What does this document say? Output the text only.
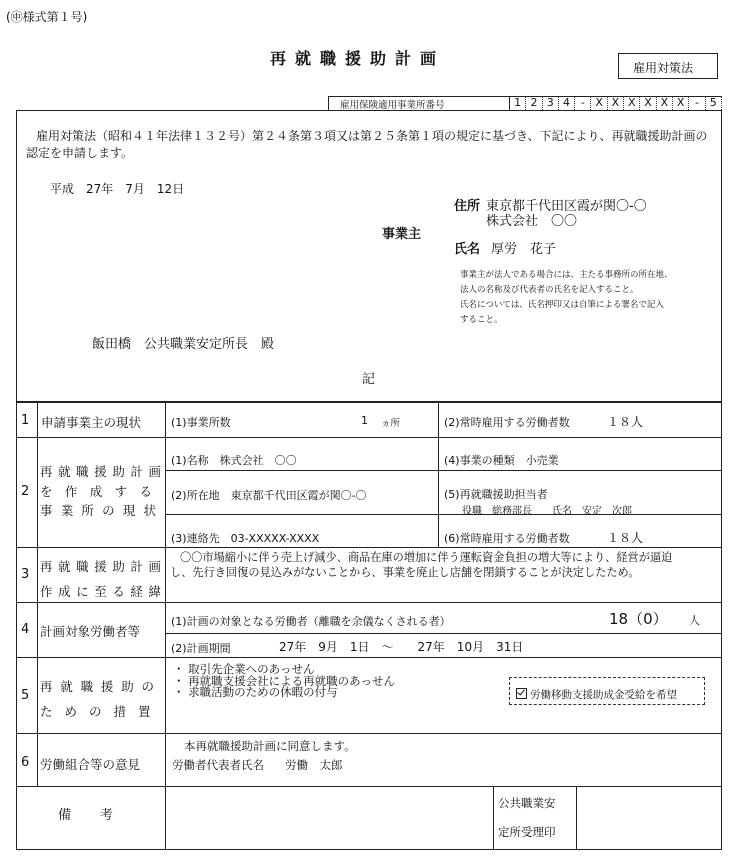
(㊥様式第１号)
再就職援助計画	雇用対策法
雇用保険適用事業所番号	1 2 3 4 - X X X X X X - 5
雇用対策法（昭和４１年法律１３２号）第２４条第３項又は第２５条第１項の規定に基づき、下記により、再就職援助計画の認定を申請します。
平成　27年　7月　12日
事業主
住所 東京都千代田区霞が関〇-〇
株式会社　〇〇
氏名 厚労　花子
事業主が法人である場合には、主たる事務所の所在地、
法人の名称及び代表者の氏名を記入すること。
氏名については、氏名押印又は自筆による署名で記入
すること。
飯田橋　公共職業安定所長　殿
記
1 申請事業主の現状	(1)事業所数	1 ヵ所	(2)常時雇用する労働者数	１８人
2
再就職援助計画
を作成する
事業所の現状
(1)名称　株式会社　〇〇	(4)事業の種類　小売業
(2)所在地　東京都千代田区霞が関〇-〇	(5)再就職援助担当者
役職　総務部長　　氏名　安定　次郎
(3)連絡先　03-XXXXX-XXXX	(6)常時雇用する労働者数	１８人
3
再就職援助計画
作成に至る経緯
〇〇市場縮小に伴う売上げ減少、商品在庫の増加に伴う運転資金負担の増大等により、経営が逼迫
し、先行き回復の見込みがないことから、事業を廃止し店舗を閉鎖することが決定したため。
4 計画対象労働者等
(1)計画の対象となる労働者（離職を余儀なくされる者）	18（0） 人
(2)計画期間	27年　9月　1日　～　　27年　10月　31日
5
再就職援助の
ための措置
・ 取引先企業へのあっせん
・ 再就職支援会社による再就職のあっせん
・ 求職活動のための休暇の付与	労働移動支援助成金受給を希望
6 労働組合等の意見
本再就職援助計画に同意します。
労働者代表者氏名 労働　太郎
備　考
公共職業安
定所受理印
